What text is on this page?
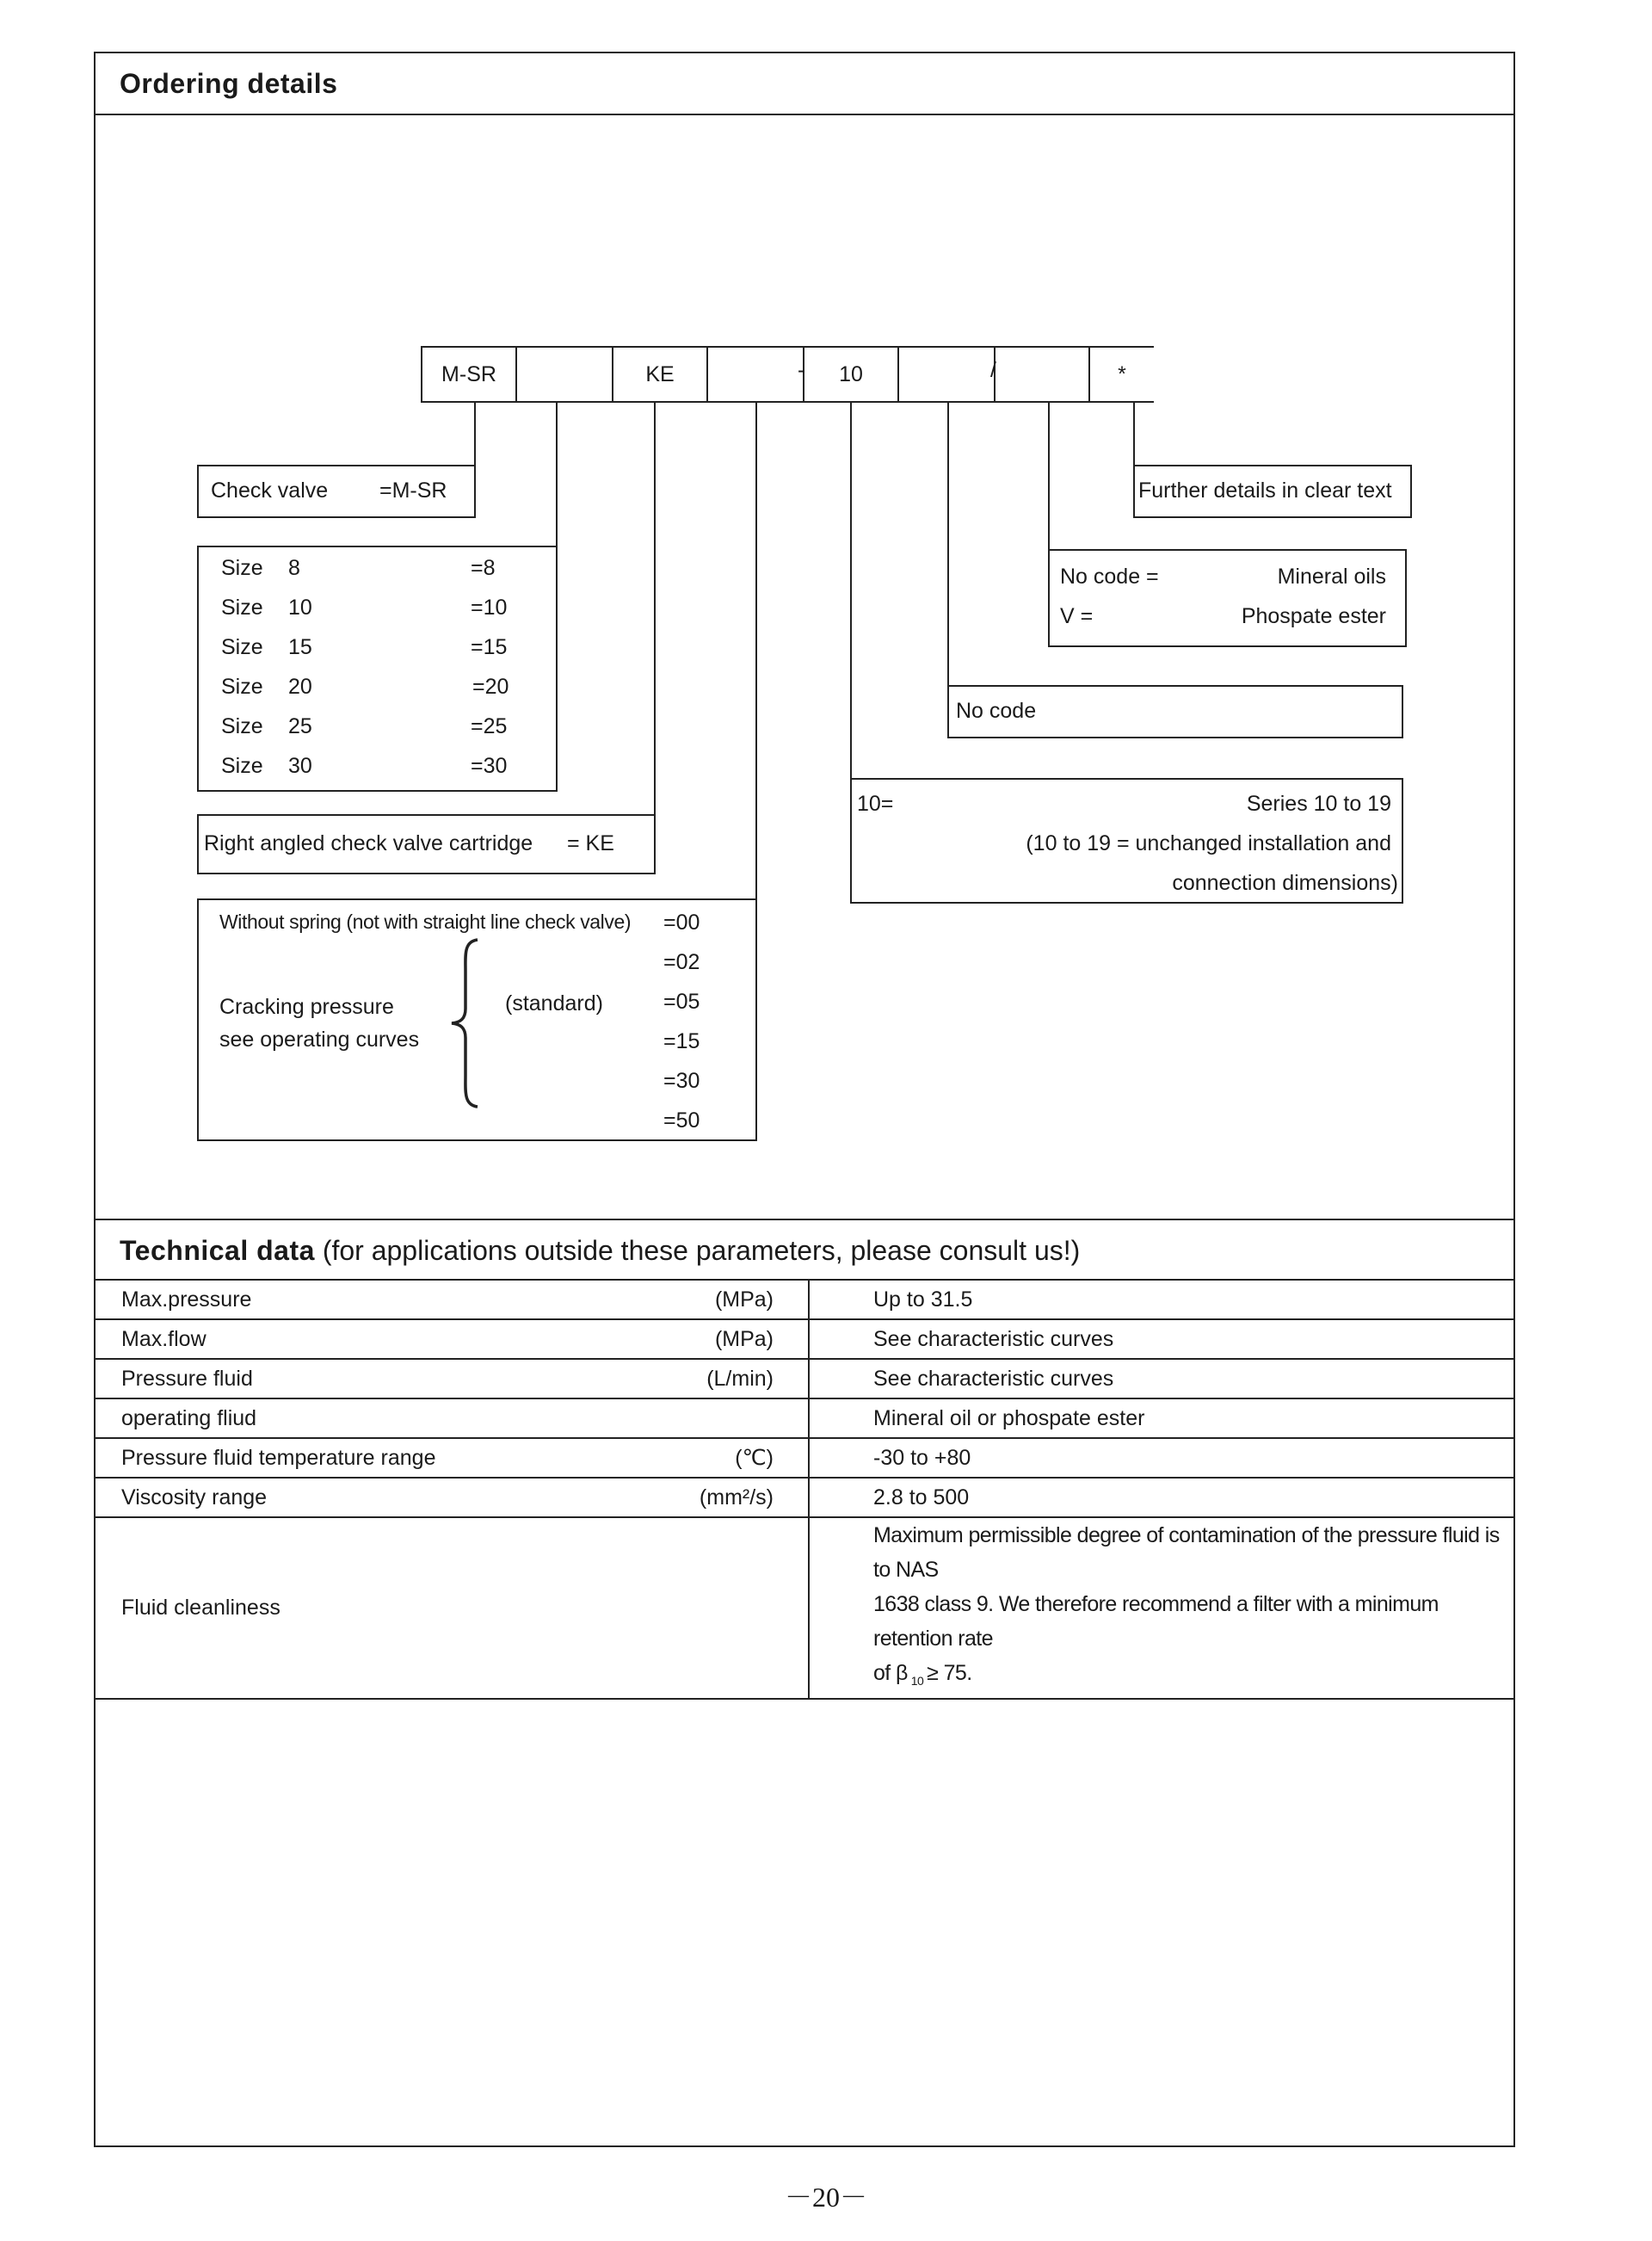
Ordering details
M-SR	KE	10	*
-	/
Check valve =M-SR
Size 8	=8
Size 10	=10
Size 15	=15
Size 20	=20
Size 25	=25
Size 30	=30
Right angled check valve cartridge = KE
Without spring (not with straight line check valve) =00
Cracking pressure
see operating curves
(standard)
=02
=05
=15
=30
=50
Further details in clear text
No code =	Mineral oils
V =	Phospate ester
No code
10=	Series 10 to 19
(10 to 19 = unchanged installation and
connection dimensions)
Technical data (for applications outside these parameters, please consult us!)
Max.pressure	(MPa)	Up to 31.5
Max.flow	(MPa)	See characteristic curves
Pressure fluid	(L/min)	See characteristic curves
operating fliud		Mineral oil or phospate ester
Pressure fluid temperature range	(℃)	-30 to +80
Viscosity range	(mm²/s)	2.8 to 500
Fluid cleanliness		Maximum permissible degree of contamination of the pressure fluid is to NAS
1638 class 9. We therefore recommend a filter with a minimum retention rate
of β $_{10}$ ≥ 75.
－20－
